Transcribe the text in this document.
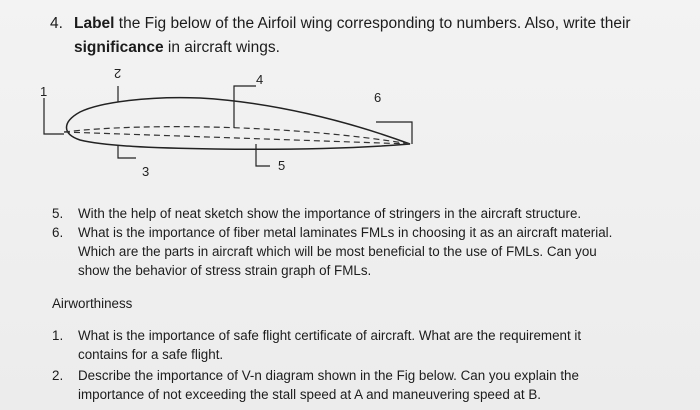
4. Label the Fig below of the Airfoil wing corresponding to numbers. Also, write their
significance in aircraft wings.
1
2
3
4
5
6
5. With the help of neat sketch show the importance of stringers in the aircraft structure.
6. What is the importance of fiber metal laminates FMLs in choosing it as an aircraft material.
Which are the parts in aircraft which will be most beneficial to the use of FMLs. Can you
show the behavior of stress strain graph of FMLs.
Airworthiness
1. What is the importance of safe flight certificate of aircraft. What are the requirement it
contains for a safe flight.
2. Describe the importance of V-n diagram shown in the Fig below. Can you explain the
importance of not exceeding the stall speed at A and maneuvering speed at B.
